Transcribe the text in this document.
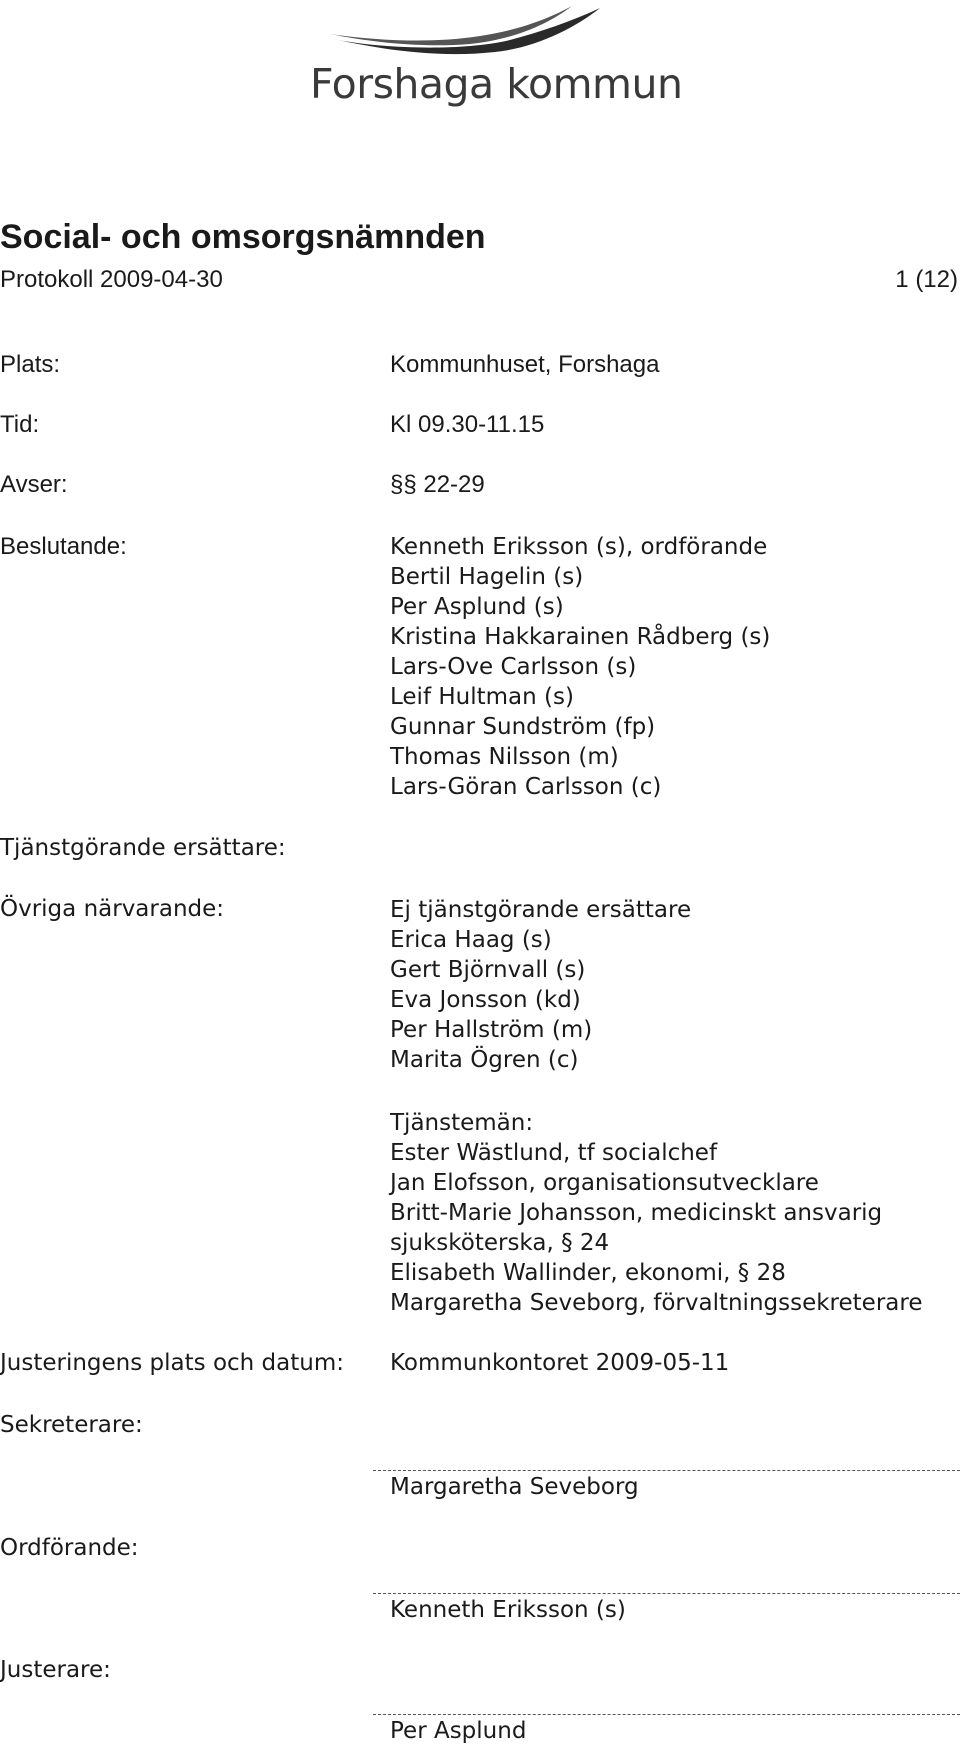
Forshaga kommun
Social- och omsorgsnämnden
Protokoll 2009-04-30	1 (12)
Plats:	Kommunhuset, Forshaga
Tid:	Kl 09.30-11.15
Avser:	§§ 22-29
Beslutande:	Kenneth Eriksson (s), ordförande
Bertil Hagelin (s)
Per Asplund (s)
Kristina Hakkarainen Rådberg (s)
Lars-Ove Carlsson (s)
Leif Hultman (s)
Gunnar Sundström (fp)
Thomas Nilsson (m)
Lars-Göran Carlsson (c)
Tjänstgörande ersättare:
Övriga närvarande:	Ej tjänstgörande ersättare
Erica Haag (s)
Gert Björnvall (s)
Eva Jonsson (kd)
Per Hallström (m)
Marita Ögren (c)
Tjänstemän:
Ester Wästlund, tf socialchef
Jan Elofsson, organisationsutvecklare
Britt-Marie Johansson, medicinskt ansvarig
sjuksköterska, § 24
Elisabeth Wallinder, ekonomi, § 28
Margaretha Seveborg, förvaltningssekreterare
Justeringens plats och datum: Kommunkontoret 2009-05-11
Sekreterare:
Margaretha Seveborg
Ordförande:
Kenneth Eriksson (s)
Justerare:
Per Asplund
